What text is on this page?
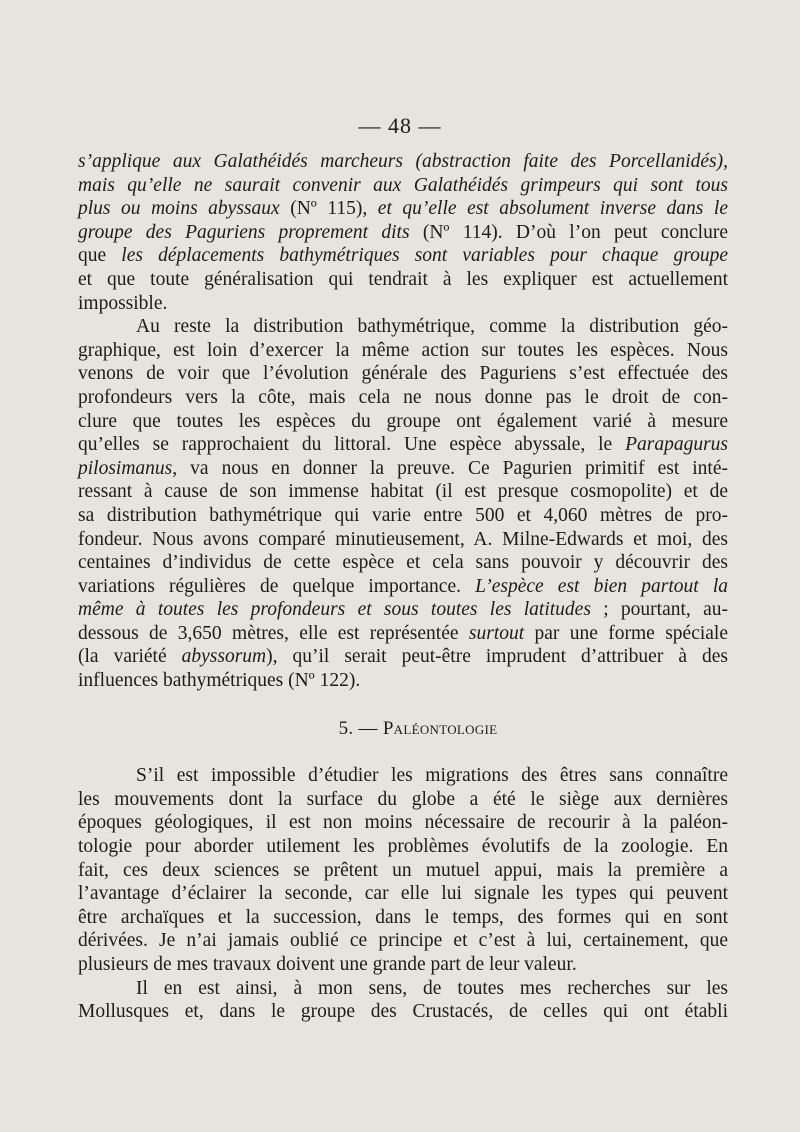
— 48 —
s’applique aux Galathéidés marcheurs (abstraction faite des Porcellanidés),
mais qu’elle ne saurait convenir aux Galathéidés grimpeurs qui sont tous
plus ou moins abyssaux (Nº 115), et qu’elle est absolument inverse dans le
groupe des Paguriens proprement dits (Nº 114). D’où l’on peut conclure
que les déplacements bathymétriques sont variables pour chaque groupe
et que toute généralisation qui tendrait à les expliquer est actuellement
impossible.
Au reste la distribution bathymétrique, comme la distribution géo-
graphique, est loin d’exercer la même action sur toutes les espèces. Nous
venons de voir que l’évolution générale des Paguriens s’est effectuée des
profondeurs vers la côte, mais cela ne nous donne pas le droit de con-
clure que toutes les espèces du groupe ont également varié à mesure
qu’elles se rapprochaient du littoral. Une espèce abyssale, le Parapagurus
pilosimanus, va nous en donner la preuve. Ce Pagurien primitif est inté-
ressant à cause de son immense habitat (il est presque cosmopolite) et de
sa distribution bathymétrique qui varie entre 500 et 4,060 mètres de pro-
fondeur. Nous avons comparé minutieusement, A. Milne-Edwards et moi, des
centaines d’individus de cette espèce et cela sans pouvoir y découvrir des
variations régulières de quelque importance. L’espèce est bien partout la
même à toutes les profondeurs et sous toutes les latitudes ; pourtant, au-
dessous de 3,650 mètres, elle est représentée surtout par une forme spéciale
(la variété abyssorum), qu’il serait peut-être imprudent d’attribuer à des
influences bathymétriques (Nº 122).
5. — Paléontologie
S’il est impossible d’étudier les migrations des êtres sans connaître
les mouvements dont la surface du globe a été le siège aux dernières
époques géologiques, il est non moins nécessaire de recourir à la paléon-
tologie pour aborder utilement les problèmes évolutifs de la zoologie. En
fait, ces deux sciences se prêtent un mutuel appui, mais la première a
l’avantage d’éclairer la seconde, car elle lui signale les types qui peuvent
être archaïques et la succession, dans le temps, des formes qui en sont
dérivées. Je n’ai jamais oublié ce principe et c’est à lui, certainement, que
plusieurs de mes travaux doivent une grande part de leur valeur.
Il en est ainsi, à mon sens, de toutes mes recherches sur les
Mollusques et, dans le groupe des Crustacés, de celles qui ont établi
